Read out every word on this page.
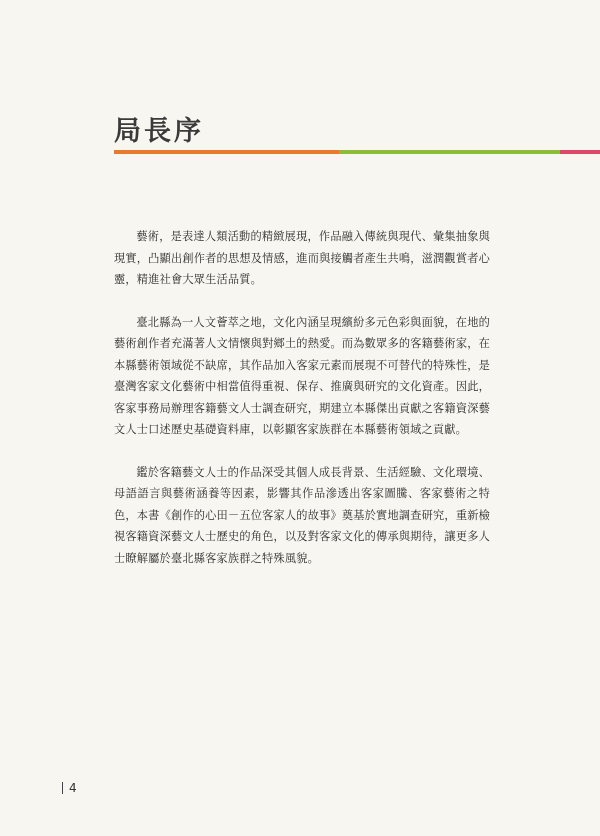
局長序

藝術，是表達人類活動的精緻展現，作品融入傳統與現代、彙集抽象與現實，凸顯出創作者的思想及情感，進而與接觸者產生共鳴，滋潤觀賞者心靈，精進社會大眾生活品質。

臺北縣為一人文薈萃之地，文化內涵呈現繽紛多元色彩與面貌，在地的藝術創作者充滿著人文情懷與對鄉土的熱愛。而為數眾多的客籍藝術家，在本縣藝術領域從不缺席，其作品加入客家元素而展現不可替代的特殊性，是臺灣客家文化藝術中相當值得重視、保存、推廣與研究的文化資產。因此，客家事務局辦理客籍藝文人士調查研究，期建立本縣傑出貢獻之客籍資深藝文人士口述歷史基礎資料庫，以彰顯客家族群在本縣藝術領域之貢獻。

鑑於客籍藝文人士的作品深受其個人成長背景、生活經驗、文化環境、母語語言與藝術涵養等因素，影響其作品滲透出客家圖騰、客家藝術之特色，本書《創作的心田－五位客家人的故事》奠基於實地調查研究，重新檢視客籍資深藝文人士歷史的角色，以及對客家文化的傳承與期待，讓更多人士瞭解屬於臺北縣客家族群之特殊風貌。

4
